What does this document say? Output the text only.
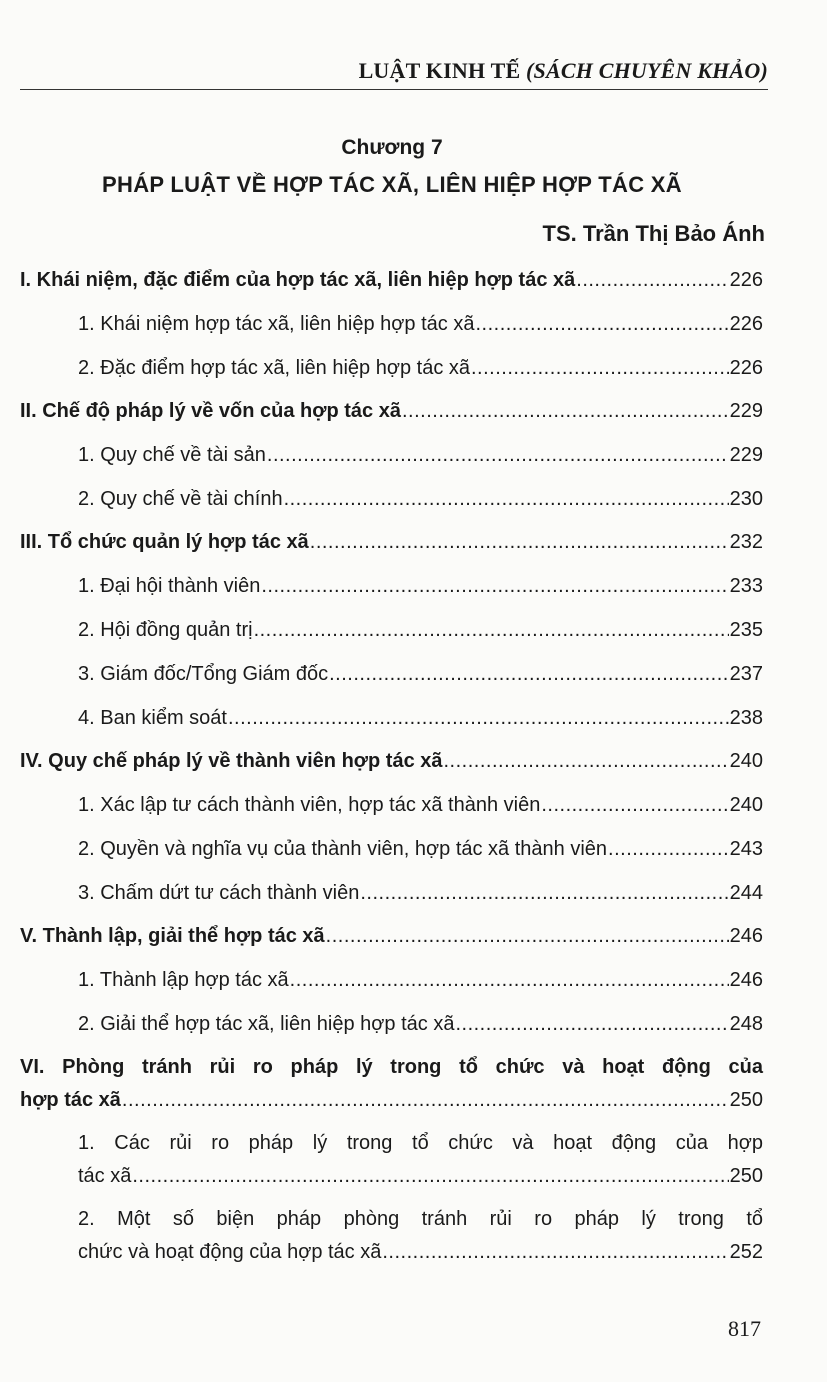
LUẬT KINH TẾ (SÁCH CHUYÊN KHẢO)
Chương 7
PHÁP LUẬT VỀ HỢP TÁC XÃ, LIÊN HIỆP HỢP TÁC XÃ
TS. Trần Thị Bảo Ánh
I. Khái niệm, đặc điểm của hợp tác xã, liên hiệp hợp tác xã .....	226
1. Khái niệm hợp tác xã, liên hiệp hợp tác xã .....	226
2. Đặc điểm hợp tác xã, liên hiệp hợp tác xã .....	226
II. Chế độ pháp lý về vốn của hợp tác xã .....	229
1. Quy chế về tài sản .....	229
2. Quy chế về tài chính .....	230
III. Tổ chức quản lý hợp tác xã .....	232
1. Đại hội thành viên .....	233
2. Hội đồng quản trị .....	235
3. Giám đốc/Tổng Giám đốc .....	237
4. Ban kiểm soát .....	238
IV. Quy chế pháp lý về thành viên hợp tác xã .....	240
1. Xác lập tư cách thành viên, hợp tác xã thành viên .....	240
2. Quyền và nghĩa vụ của thành viên, hợp tác xã thành viên .....	243
3. Chấm dứt tư cách thành viên .....	244
V. Thành lập, giải thể hợp tác xã .....	246
1. Thành lập hợp tác xã .....	246
2. Giải thể hợp tác xã, liên hiệp hợp tác xã .....	248
VI. Phòng tránh rủi ro pháp lý trong tổ chức và hoạt động của
hợp tác xã .....	250
1. Các rủi ro pháp lý trong tổ chức và hoạt động của hợp
tác xã .....	250
2. Một số biện pháp phòng tránh rủi ro pháp lý trong tổ
chức và hoạt động của hợp tác xã .....	252
817
